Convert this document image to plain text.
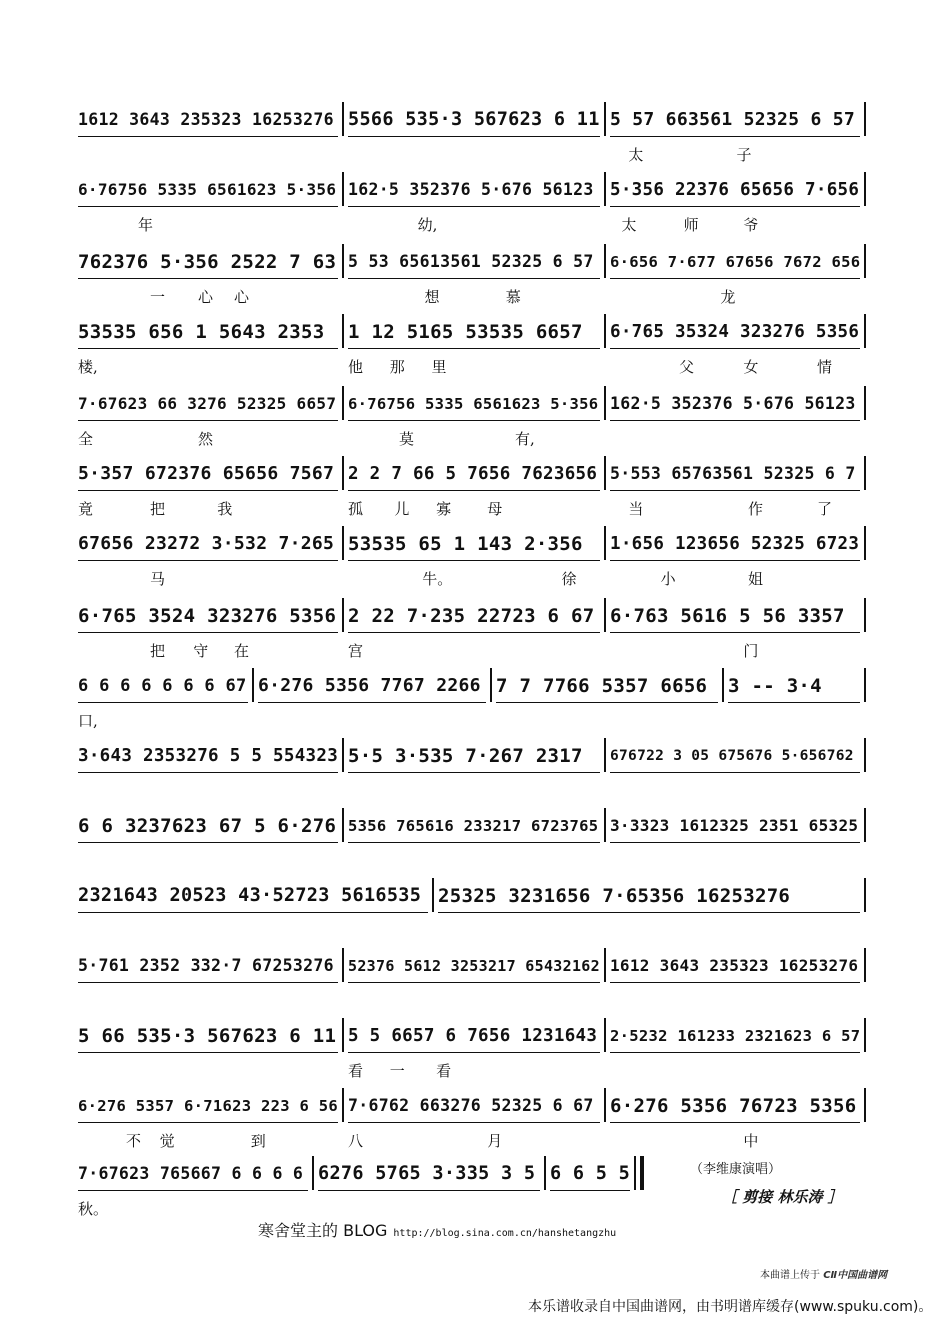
1612 3643 235323 16253276 5566 535·3 567623 6 11 5 57 663561 52325 6 57
太	子
6·76756 5335 6561623 5·356 162·5 352376 5·676 56123 5·356 22376 65656 7·656
年	幼,	太	师	爷
762376 5·356 2522 7 63 5 53 65613561 52325 6 57	6·656 7·677 67656 7672 656
一 心 心	想	慕	龙
53535 656 1 5643 2353	1 12 5165 53535 6657	6·765 35324 323276 5356
楼,	他 那 里	父	女	情
7·67623 66 3276 52325 6657 6·76756 5335 6561623 5·356 162·5 352376 5·676 56123
全	然	莫	有,
5·357 672376 65656 7567 2 2 7 66 5 7656 7623656 5·553 65763561 52325 6 7
竟	把	我	孤 儿 寡 母	当	作	了
67656 23272 3·532 7·265 53535 65 1 143 2·356	1·656 123656 52325 6723
马	牛。	徐	小	姐
6·765 3524 323276 5356 2 22 7·235 22723 6 67 6·763 5616 5 56 3357
把 守 在	宫	门
6 6 6 6 6 6 6 67 6·276 5356 7767 2266 7 7 7766 5357 6656	3 -- 3·4
口,
3·643 2353276 5 5 554323 5·5 3·535 7·267 2317	676722 3 05 675676 5·656762
6 6 3237623 67 5 6·276 5356 765616 233217 6723765 3·3323 1612325 2351 65325
2321643 20523 43·52723 5616535 25325 3231656 7·65356 16253276
5·761 2352 332·7 67253276 52376 5612 3253217 65432162 1612 3643 235323 16253276
5 66 535·3 567623 6 11 5 5 6657 6 7656 1231643 2·5232 161233 2321623 6 57
看 一 看
6·276 5357 6·71623 223 6 56 7·6762 663276 52325 6 67 6·276 5356 76723 5356
不 觉	到	八	月	中
7·67623 765667 6 6 6 6 6276 5765 3·335 3 5 6 6 5 5
秋。
（李维康演唱）
［ 剪接 林乐涛 ］
寒舍堂主的 BLOG http://blog.sina.com.cn/hanshetangzhu
本曲谱上传于 CⅡ中国曲谱网
本乐谱收录自中国曲谱网，由书明谱库缓存(www.spuku.com)。
